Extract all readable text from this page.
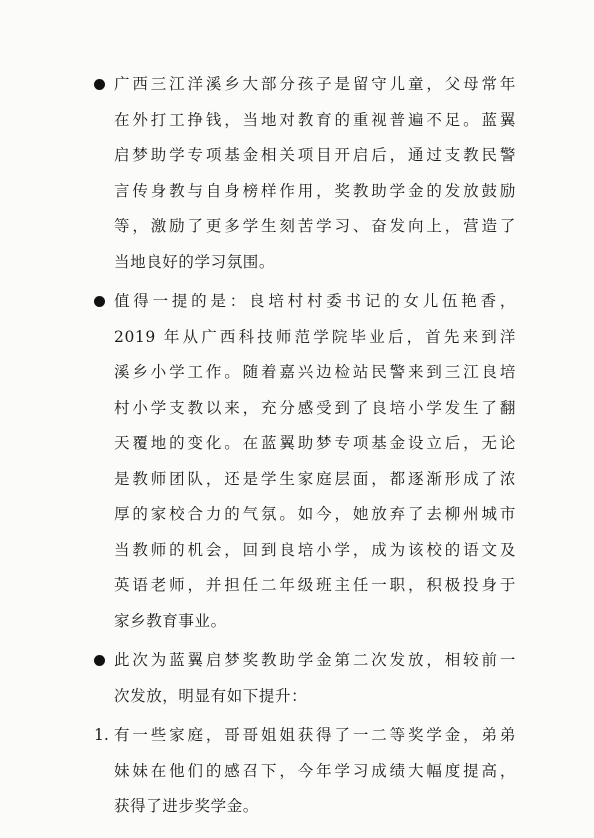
广西三江洋溪乡大部分孩子是留守儿童，父母常年
在外打工挣钱，当地对教育的重视普遍不足。蓝翼
启梦助学专项基金相关项目开启后，通过支教民警
言传身教与自身榜样作用，奖教助学金的发放鼓励
等，激励了更多学生刻苦学习、奋发向上，营造了
当地良好的学习氛围。
值得一提的是：良培村村委书记的女儿伍艳香，
2019 年从广西科技师范学院毕业后，首先来到洋
溪乡小学工作。随着嘉兴边检站民警来到三江良培
村小学支教以来，充分感受到了良培小学发生了翻
天覆地的变化。在蓝翼助梦专项基金设立后，无论
是教师团队，还是学生家庭层面，都逐渐形成了浓
厚的家校合力的气氛。如今，她放弃了去柳州城市
当教师的机会，回到良培小学，成为该校的语文及
英语老师，并担任二年级班主任一职，积极投身于
家乡教育事业。
此次为蓝翼启梦奖教助学金第二次发放，相较前一
次发放，明显有如下提升：
1. 有一些家庭，哥哥姐姐获得了一二等奖学金，弟弟
妹妹在他们的感召下，今年学习成绩大幅度提高，
获得了进步奖学金。
